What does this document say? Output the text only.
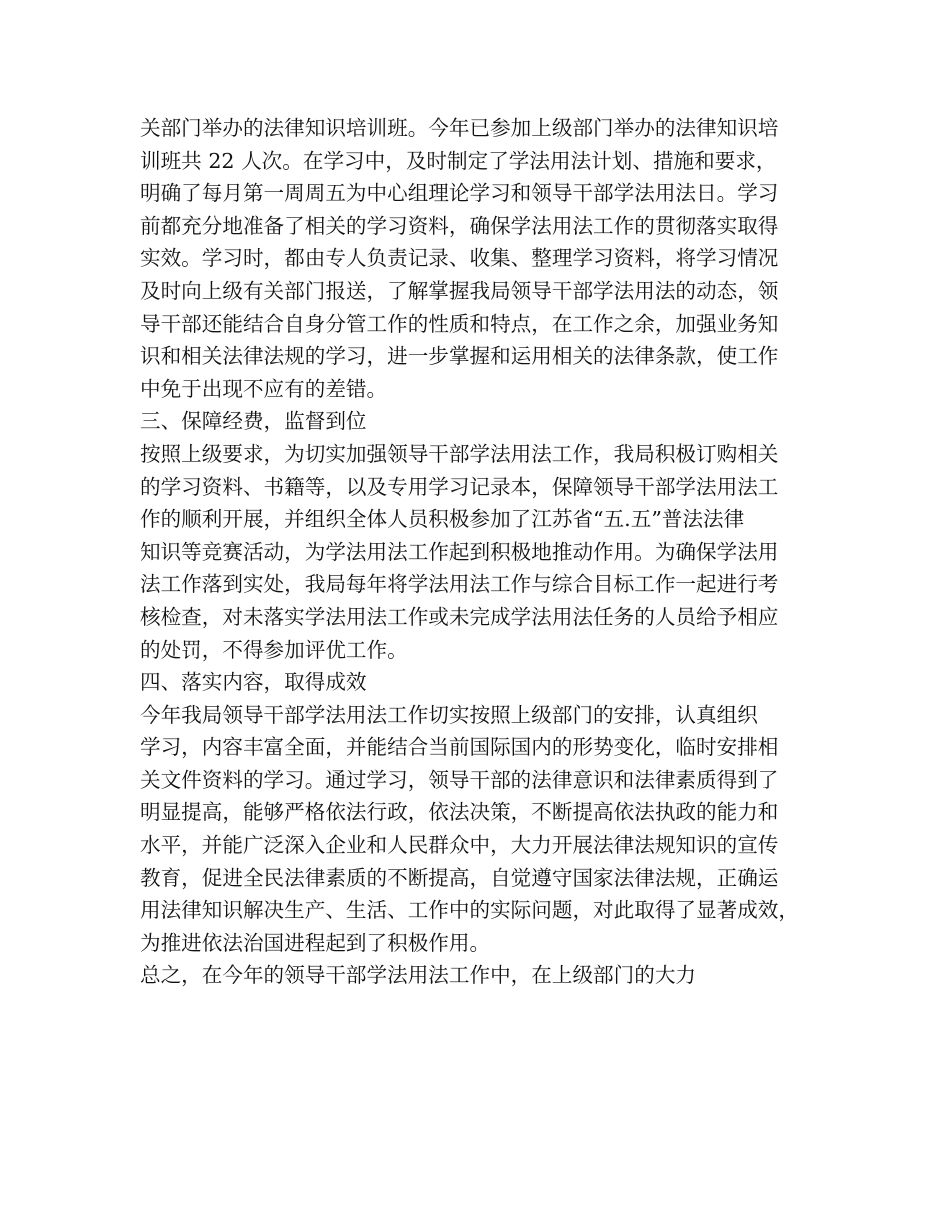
关部门举办的法律知识培训班。今年已参加上级部门举办的法律知识培
训班共 22 人次。在学习中，及时制定了学法用法计划、措施和要求，
明确了每月第一周周五为中心组理论学习和领导干部学法用法日。学习
前都充分地准备了相关的学习资料，确保学法用法工作的贯彻落实取得
实效。学习时，都由专人负责记录、收集、整理学习资料，将学习情况
及时向上级有关部门报送，了解掌握我局领导干部学法用法的动态，领
导干部还能结合自身分管工作的性质和特点，在工作之余，加强业务知
识和相关法律法规的学习，进一步掌握和运用相关的法律条款，使工作
中免于出现不应有的差错。
三、保障经费，监督到位
按照上级要求，为切实加强领导干部学法用法工作，我局积极订购相关
的学习资料、书籍等，以及专用学习记录本，保障领导干部学法用法工
作的顺利开展，并组织全体人员积极参加了江苏省“五.五”普法法律
知识等竞赛活动，为学法用法工作起到积极地推动作用。为确保学法用
法工作落到实处，我局每年将学法用法工作与综合目标工作一起进行考
核检查，对未落实学法用法工作或未完成学法用法任务的人员给予相应
的处罚，不得参加评优工作。
四、落实内容，取得成效
今年我局领导干部学法用法工作切实按照上级部门的安排，认真组织
学习，内容丰富全面，并能结合当前国际国内的形势变化，临时安排相
关文件资料的学习。通过学习，领导干部的法律意识和法律素质得到了
明显提高，能够严格依法行政，依法决策，不断提高依法执政的能力和
水平，并能广泛深入企业和人民群众中，大力开展法律法规知识的宣传
教育，促进全民法律素质的不断提高，自觉遵守国家法律法规，正确运
用法律知识解决生产、生活、工作中的实际问题，对此取得了显著成效，
为推进依法治国进程起到了积极作用。
总之，在今年的领导干部学法用法工作中，在上级部门的大力
